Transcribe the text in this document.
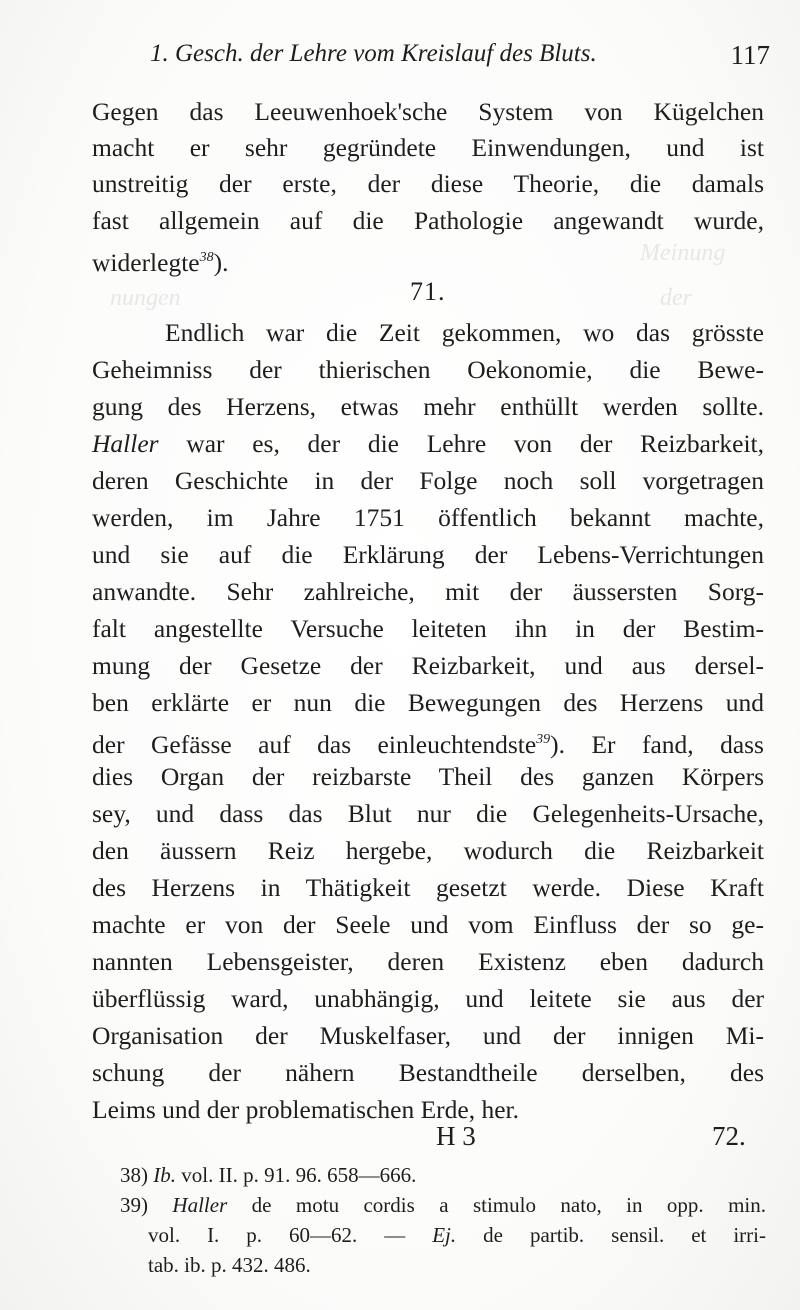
Meinung
nungen	der
1. Gesch. der Lehre vom Kreislauf des Bluts.	117
Gegen das Leeuwenhoek'sche System von Kügelchen
macht er sehr gegründete Einwendungen, und ist
unstreitig der erste, der diese Theorie, die damals
fast allgemein auf die Pathologie angewandt wurde,
widerlegte$^{38}$).
71.
Endlich war die Zeit gekommen, wo das grösste
Geheimniss der thierischen Oekonomie, die Bewe-
gung des Herzens, etwas mehr enthüllt werden sollte.
Haller war es, der die Lehre von der Reizbarkeit,
deren Geschichte in der Folge noch soll vorgetragen
werden, im Jahre 1751 öffentlich bekannt machte,
und sie auf die Erklärung der Lebens-Verrichtungen
anwandte. Sehr zahlreiche, mit der äussersten Sorg-
falt angestellte Versuche leiteten ihn in der Bestim-
mung der Gesetze der Reizbarkeit, und aus dersel-
ben erklärte er nun die Bewegungen des Herzens und
der Gefässe auf das einleuchtendste$^{39}$). Er fand, dass
dies Organ der reizbarste Theil des ganzen Körpers
sey, und dass das Blut nur die Gelegenheits-Ursache,
den äussern Reiz hergebe, wodurch die Reizbarkeit
des Herzens in Thätigkeit gesetzt werde. Diese Kraft
machte er von der Seele und vom Einfluss der so ge-
nannten Lebensgeister, deren Existenz eben dadurch
überflüssig ward, unabhängig, und leitete sie aus der
Organisation der Muskelfaser, und der innigen Mi-
schung der nähern Bestandtheile derselben, des
Leims und der problematischen Erde, her.
H 3	72.
38) Ib. vol. II. p. 91. 96. 658—666.
39) Haller de motu cordis a stimulo nato, in opp. min.
vol. I. p. 60—62. — Ej. de partib. sensil. et irri-
tab. ib. p. 432. 486.
